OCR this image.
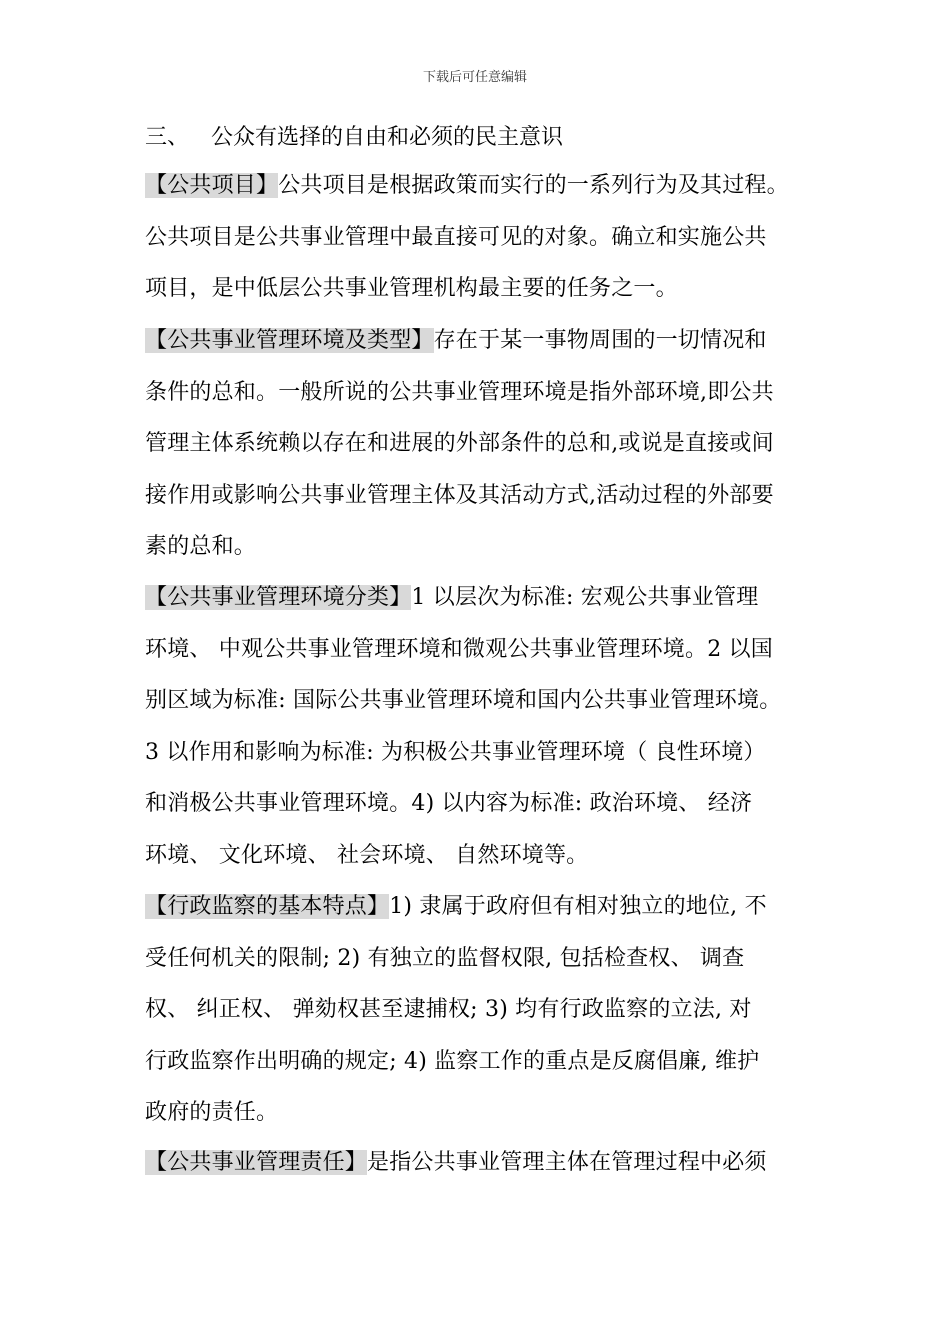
下载后可任意编辑
三、 公众有选择的自由和必须的民主意识
【公共项目】公共项目是根据政策而实行的一系列行为及其过程。
公共项目是公共事业管理中最直接可见的对象。确立和实施公共
项目，是中低层公共事业管理机构最主要的任务之一。
【公共事业管理环境及类型】存在于某一事物周围的一切情况和
条件的总和。一般所说的公共事业管理环境是指外部环境,即公共
管理主体系统赖以存在和进展的外部条件的总和,或说是直接或间
接作用或影响公共事业管理主体及其活动方式,活动过程的外部要
素的总和。
【公共事业管理环境分类】1 以层次为标准: 宏观公共事业管理
环境、 中观公共事业管理环境和微观公共事业管理环境。2 以国
别区域为标准: 国际公共事业管理环境和国内公共事业管理环境。
3 以作用和影响为标准: 为积极公共事业管理环境（ 良性环境）
和消极公共事业管理环境。4) 以内容为标准: 政治环境、 经济
环境、 文化环境、 社会环境、 自然环境等。
【行政监察的基本特点】1) 隶属于政府但有相对独立的地位, 不
受任何机关的限制; 2) 有独立的监督权限, 包括检查权、 调查
权、 纠正权、 弹劾权甚至逮捕权; 3) 均有行政监察的立法, 对
行政监察作出明确的规定; 4) 监察工作的重点是反腐倡廉, 维护
政府的责任。
【公共事业管理责任】是指公共事业管理主体在管理过程中必须
